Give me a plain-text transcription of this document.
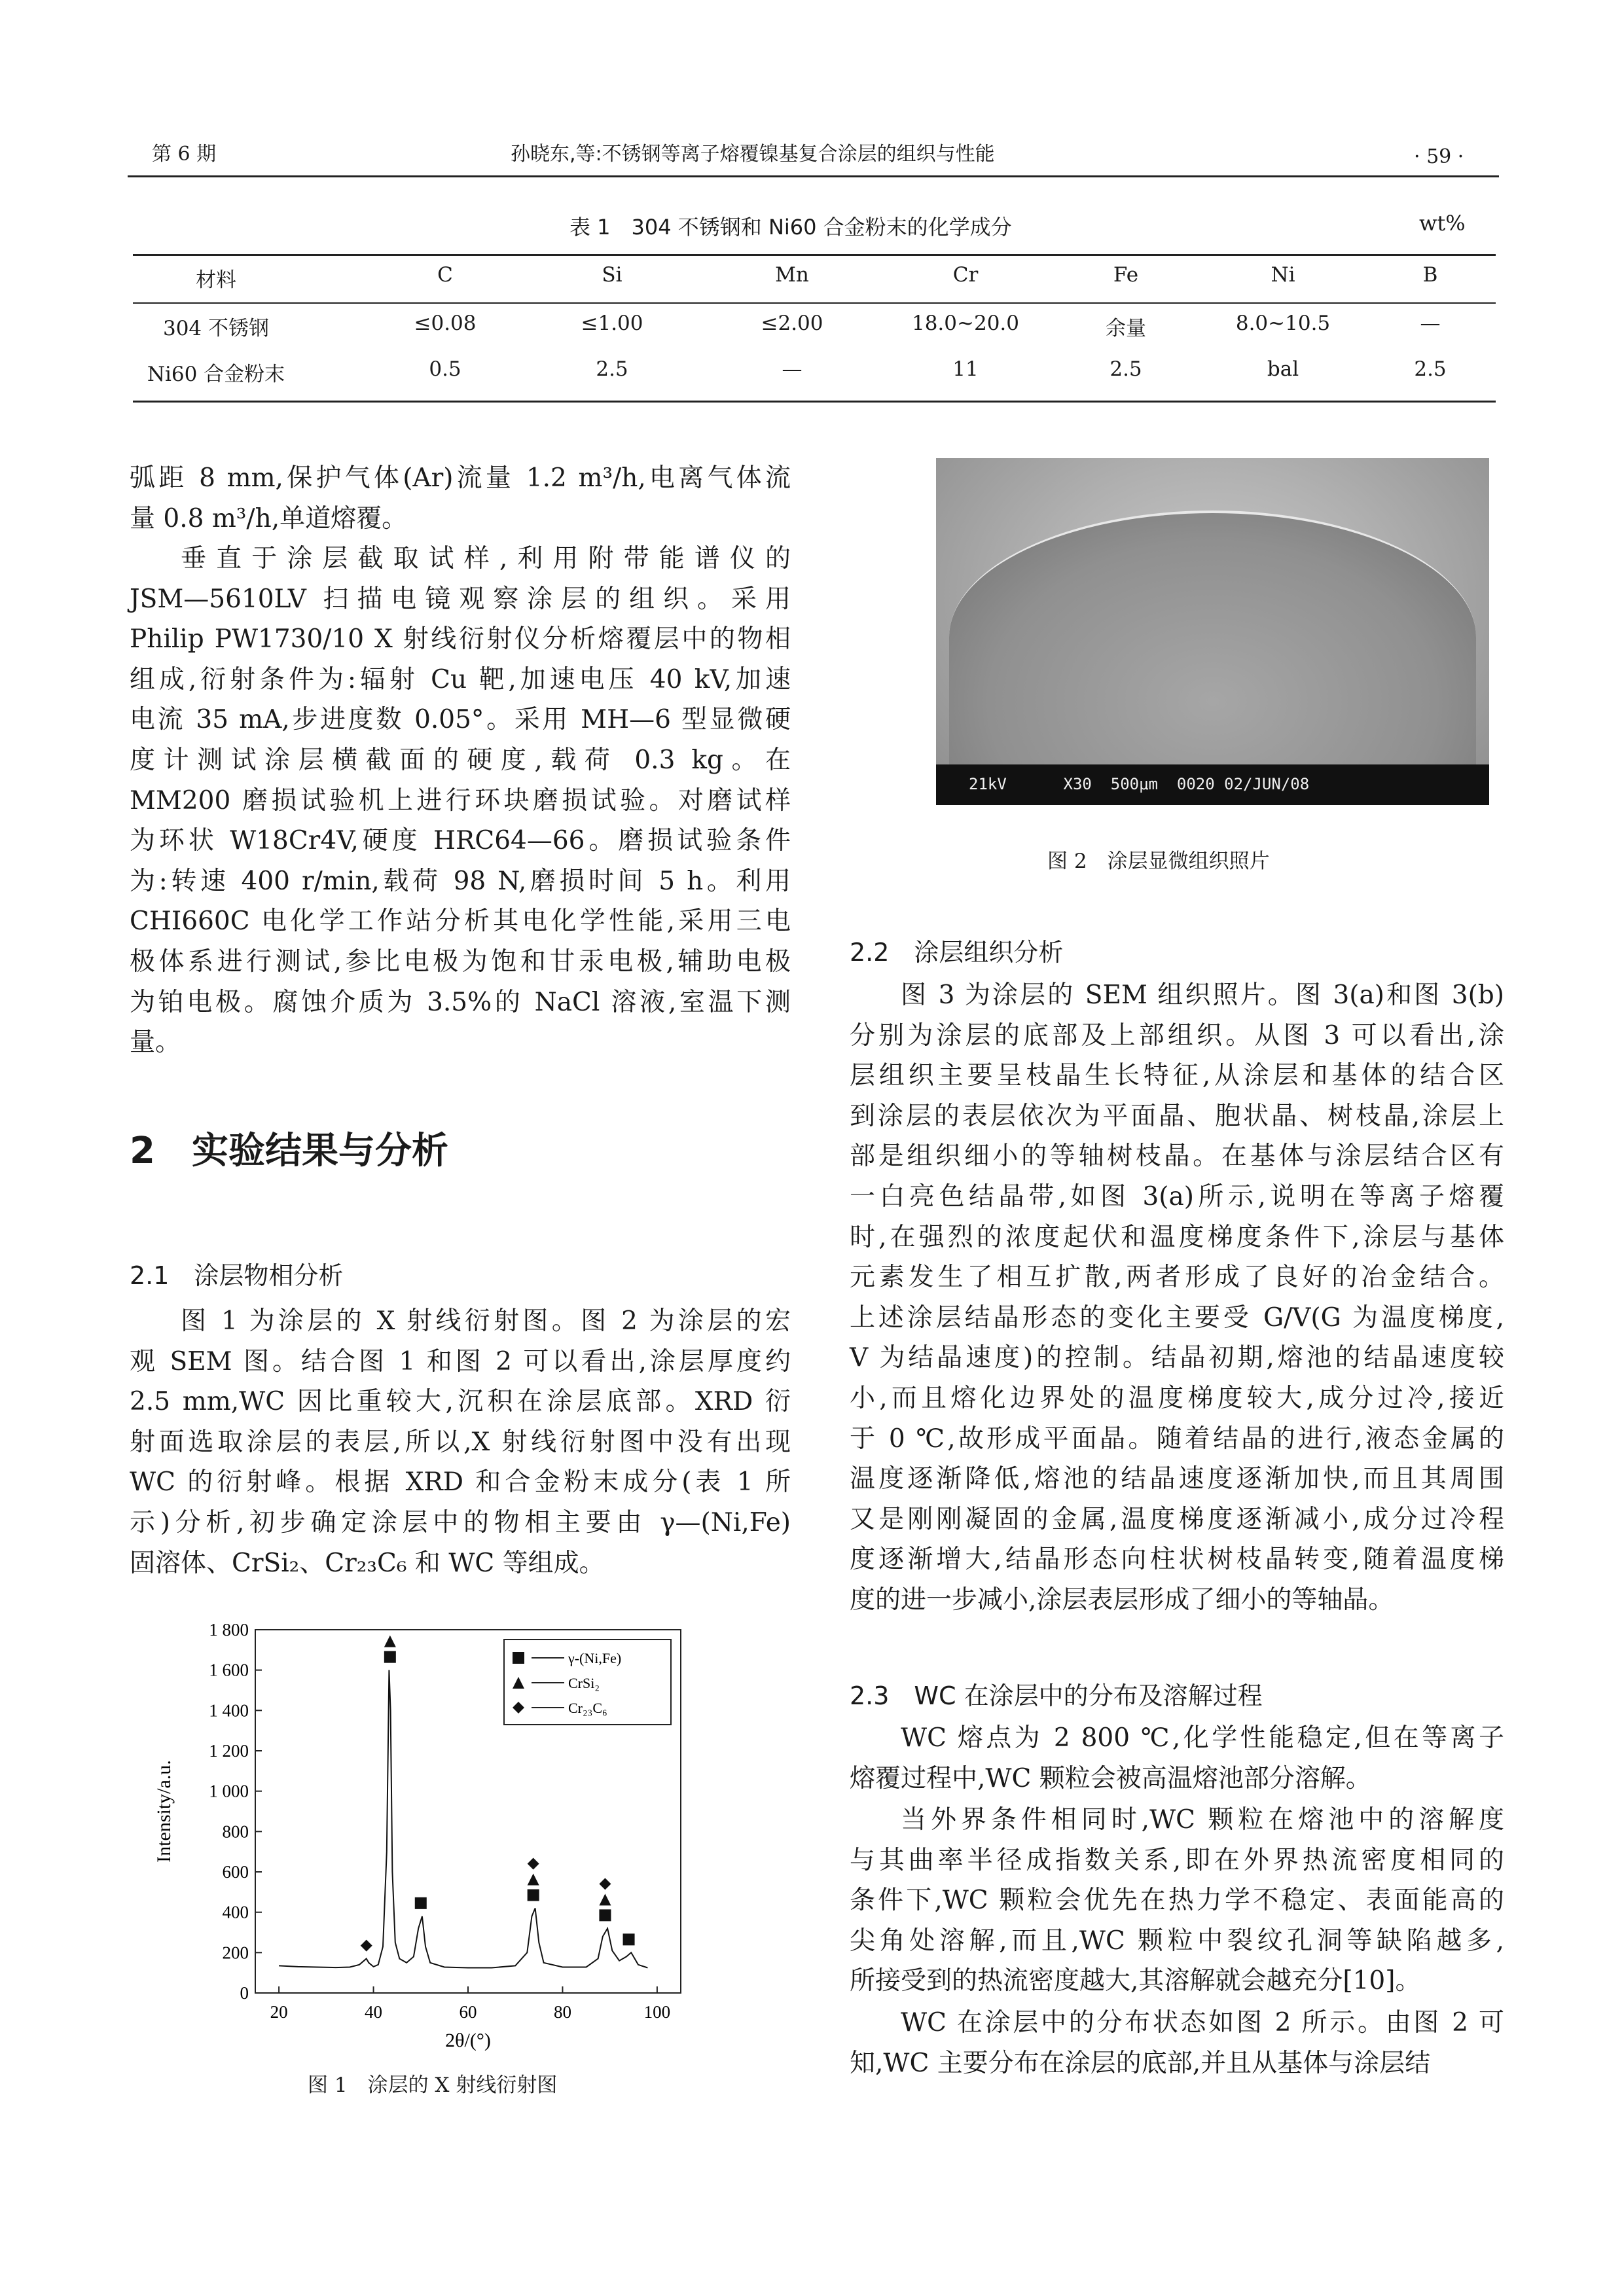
第 6 期	孙晓东,等:不锈钢等离子熔覆镍基复合涂层的组织与性能	· 59 ·
表 1　304 不锈钢和 Ni60 合金粉末的化学成分	wt%
材料	C	Si	Mn	Cr	Fe	Ni	B
304 不锈钢	≤0.08	≤1.00	≤2.00	18.0~20.0	余量	8.0~10.5	—
Ni60 合金粉末	0.5	2.5	—	11	2.5	bal	2.5
弧距 8 mm,保护气体(Ar)流量 1.2 m³/h,电离气体流
量 0.8 m³/h,单道熔覆。
垂直于涂层截取试样,利用附带能谱仪的
JSM—5610LV 扫描电镜观察涂层的组织。采用
Philip PW1730/10 X 射线衍射仪分析熔覆层中的物相
组成,衍射条件为:辐射 Cu 靶,加速电压 40 kV,加速
电流 35 mA,步进度数 0.05°。采用 MH—6 型显微硬
度计测试涂层横截面的硬度,载荷 0.3 kg。在
MM200 磨损试验机上进行环块磨损试验。对磨试样
为环状 W18Cr4V,硬度 HRC64—66。磨损试验条件
为:转速 400 r/min,载荷 98 N,磨损时间 5 h。利用
CHI660C 电化学工作站分析其电化学性能,采用三电
极体系进行测试,参比电极为饱和甘汞电极,辅助电极
为铂电极。腐蚀介质为 3.5%的 NaCl 溶液,室温下测
量。
2　实验结果与分析
2.1　涂层物相分析
图 1 为涂层的 X 射线衍射图。图 2 为涂层的宏
观 SEM 图。结合图 1 和图 2 可以看出,涂层厚度约
2.5 mm,WC 因比重较大,沉积在涂层底部。XRD 衍
射面选取涂层的表层,所以,X 射线衍射图中没有出现
WC 的衍射峰。根据 XRD 和合金粉末成分(表 1 所
示)分析,初步确定涂层中的物相主要由 γ—(Ni,Fe)
固溶体、CrSi₂、Cr₂₃C₆ 和 WC 等组成。
0
200
400
600
800
1 000
1 200
1 400
1 600
1 800
20	40	60	80	100
2θ/(°)
Intensity/a.u.
γ-(Ni,Fe)
CrSi₂
Cr₂₃C₆
图 1　涂层的 X 射线衍射图
21kV      X30  500μm  0020 02/JUN/08
图 2　涂层显微组织照片
2.2　涂层组织分析
图 3 为涂层的 SEM 组织照片。图 3(a)和图 3(b)
分别为涂层的底部及上部组织。从图 3 可以看出,涂
层组织主要呈枝晶生长特征,从涂层和基体的结合区
到涂层的表层依次为平面晶、胞状晶、树枝晶,涂层上
部是组织细小的等轴树枝晶。在基体与涂层结合区有
一白亮色结晶带,如图 3(a)所示,说明在等离子熔覆
时,在强烈的浓度起伏和温度梯度条件下,涂层与基体
元素发生了相互扩散,两者形成了良好的冶金结合。
上述涂层结晶形态的变化主要受 G/V(G 为温度梯度,
V 为结晶速度)的控制。结晶初期,熔池的结晶速度较
小,而且熔化边界处的温度梯度较大,成分过冷,接近
于 0 ℃,故形成平面晶。随着结晶的进行,液态金属的
温度逐渐降低,熔池的结晶速度逐渐加快,而且其周围
又是刚刚凝固的金属,温度梯度逐渐减小,成分过冷程
度逐渐增大,结晶形态向柱状树枝晶转变,随着温度梯
度的进一步减小,涂层表层形成了细小的等轴晶。
2.3　WC 在涂层中的分布及溶解过程
WC 熔点为 2 800 ℃,化学性能稳定,但在等离子
熔覆过程中,WC 颗粒会被高温熔池部分溶解。
当外界条件相同时,WC 颗粒在熔池中的溶解度
与其曲率半径成指数关系,即在外界热流密度相同的
条件下,WC 颗粒会优先在热力学不稳定、表面能高的
尖角处溶解,而且,WC 颗粒中裂纹孔洞等缺陷越多,
所接受到的热流密度越大,其溶解就会越充分[10]。
WC 在涂层中的分布状态如图 2 所示。由图 2 可
知,WC 主要分布在涂层的底部,并且从基体与涂层结
